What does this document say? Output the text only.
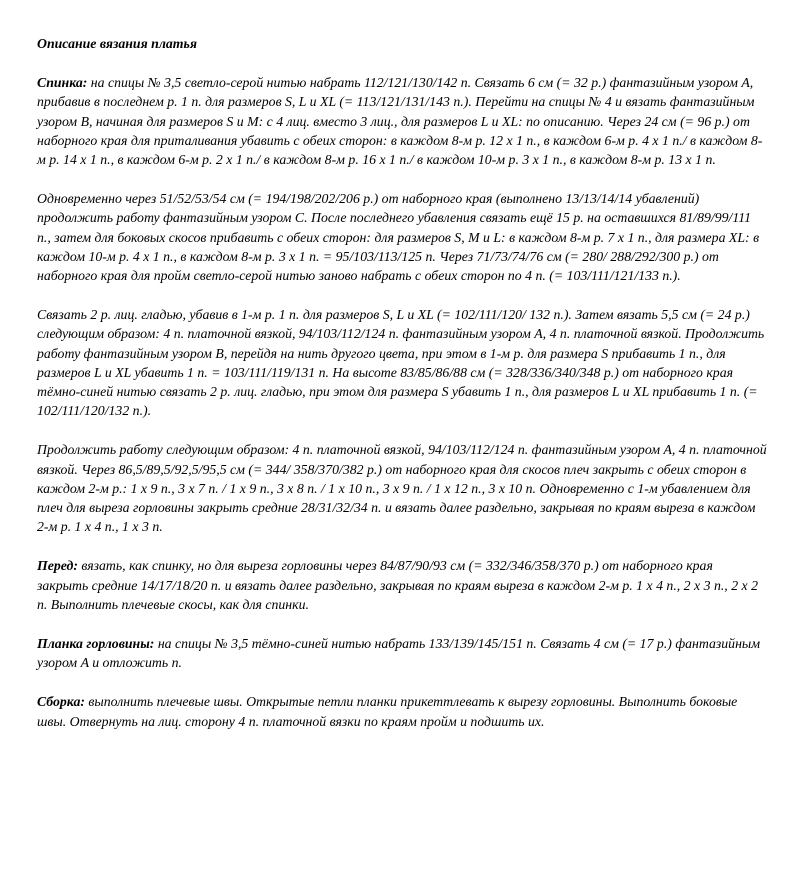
Описание вязания платья

Спинка: на спицы № 3,5 светло-серой нитью набрать 112/121/130/142 п. Связать 6 см (= 32 р.) фантазийным узором A, прибавив в последнем р. 1 п. для размеров S, L и XL (= 113/121/131/143 п.). Перейти на спицы № 4 и вязать фантазийным узором B, начиная для размеров S и M: с 4 лиц. вместо 3 лиц., для размеров L и XL: по описанию. Через 24 см (= 96 р.) от наборного края для приталивания убавить с обеих сторон: в каждом 8-м р. 12 x 1 п., в каждом 6-м р. 4 x 1 п./ в каждом 8-м р. 14 x 1 п., в каждом 6-м р. 2 x 1 п./ в каждом 8-м р. 16 x 1 п./ в каждом 10-м р. 3 x 1 п., в каждом 8-м р. 13 x 1 п.

Одновременно через 51/52/53/54 см (= 194/198/202/206 р.) от наборного края (выполнено 13/13/14/14 убавлений) продолжить работу фантазийным узором C. После последнего убавления связать ещё 15 р. на оставшихся 81/89/99/111 п., затем для боковых скосов прибавить с обеих сторон: для размеров S, M и L: в каждом 8-м р. 7 x 1 п., для размера XL: в каждом 10-м р. 4 x 1 п., в каждом 8-м р. 3 x 1 п. = 95/103/113/125 п. Через 71/73/74/76 см (= 280/ 288/292/300 р.) от наборного края для пройм светло-серой нитью заново набрать с обеих сторон по 4 п. (= 103/111/121/133 п.).

Связать 2 р. лиц. гладью, убавив в 1-м р. 1 п. для размеров S, L и XL (= 102/111/120/ 132 п.). Затем вязать 5,5 см (= 24 р.) следующим образом: 4 п. платочной вязкой, 94/103/112/124 п. фантазийным узором A, 4 п. платочной вязкой. Продолжить работу фантазийным узором B, перейдя на нить другого цвета, при этом в 1-м р. для размера S прибавить 1 п., для размеров L и XL убавить 1 п. = 103/111/119/131 п. На высоте 83/85/86/88 см (= 328/336/340/348 р.) от наборного края тёмно-синей нитью связать 2 р. лиц. гладью, при этом для размера S убавить 1 п., для размеров L и XL прибавить 1 п. (= 102/111/120/132 п.).

Продолжить работу следующим образом: 4 п. платочной вязкой, 94/103/112/124 п. фантазийным узором A, 4 п. платочной вязкой. Через 86,5/89,5/92,5/95,5 см (= 344/ 358/370/382 р.) от наборного края для скосов плеч закрыть с обеих сторон в каждом 2-м р.: 1 x 9 п., 3 x 7 п. / 1 x 9 п., 3 x 8 п. / 1 x 10 п., 3 x 9 п. / 1 x 12 п., 3 x 10 п. Одновременно с 1-м убавлением для плеч для выреза горловины закрыть средние 28/31/32/34 п. и вязать далее раздельно, закрывая по краям выреза в каждом 2-м р. 1 x 4 п., 1 x 3 п.

Перед: вязать, как спинку, но для выреза горловины через 84/87/90/93 см (= 332/346/358/370 р.) от наборного края закрыть средние 14/17/18/20 п. и вязать далее раздельно, закрывая по краям выреза в каждом 2-м р. 1 x 4 п., 2 x 3 п., 2 x 2 п. Выполнить плечевые скосы, как для спинки.

Планка горловины: на спицы № 3,5 тёмно-синей нитью набрать 133/139/145/151 п. Связать 4 см (= 17 р.) фантазийным узором A и отложить п.

Сборка: выполнить плечевые швы. Открытые петли планки прикеттлевать к вырезу горловины. Выполнить боковые швы. Отвернуть на лиц. сторону 4 п. платочной вязки по краям пройм и подшить их.
